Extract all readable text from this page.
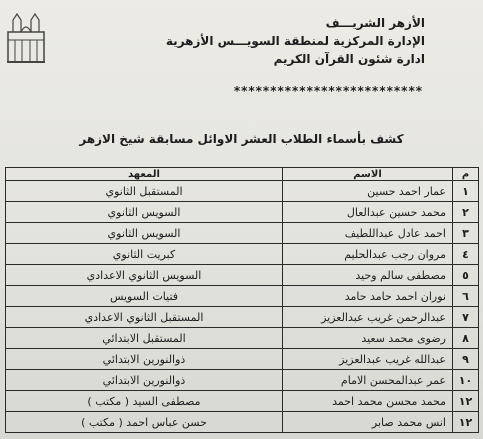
الأزهر الشريـــف
الإدارة المركزية لمنطقة السويـــس الأزهرية
ادارة شئون القرآن الكريم
**************************
كشف بأسماء الطلاب العشر الاوائل مسابقة شيخ الازهر
م	الاسم	المعهد
١	عمار احمد حسين	المستقبل الثانوي
٢	محمد حسين عبدالعال	السويس الثانوي
٣	احمد عادل عبداللطيف	السويس الثانوي
٤	مروان رجب عبدالحليم	كبريت الثانوي
٥	مصطفى سالم وحيد	السويس الثانوي الاعدادي
٦	نوران احمد حامد حامد	فتيات السويس
٧	عبدالرحمن غريب عبدالعزيز	المستقبل الثانوي الاعدادي
٨	رضوى محمد سعيد	المستقبل الابتدائي
٩	عبدالله غريب عبدالعزيز	ذوالنورين الابتدائي
١٠	عمر عبدالمحسن الامام	ذوالنورين الابتدائي
١٢	محمد محسن محمد احمد	مصطفى السيد ( مكتب )
١٢	انس محمد صابر	حسن عباس احمد ( مكتب )
